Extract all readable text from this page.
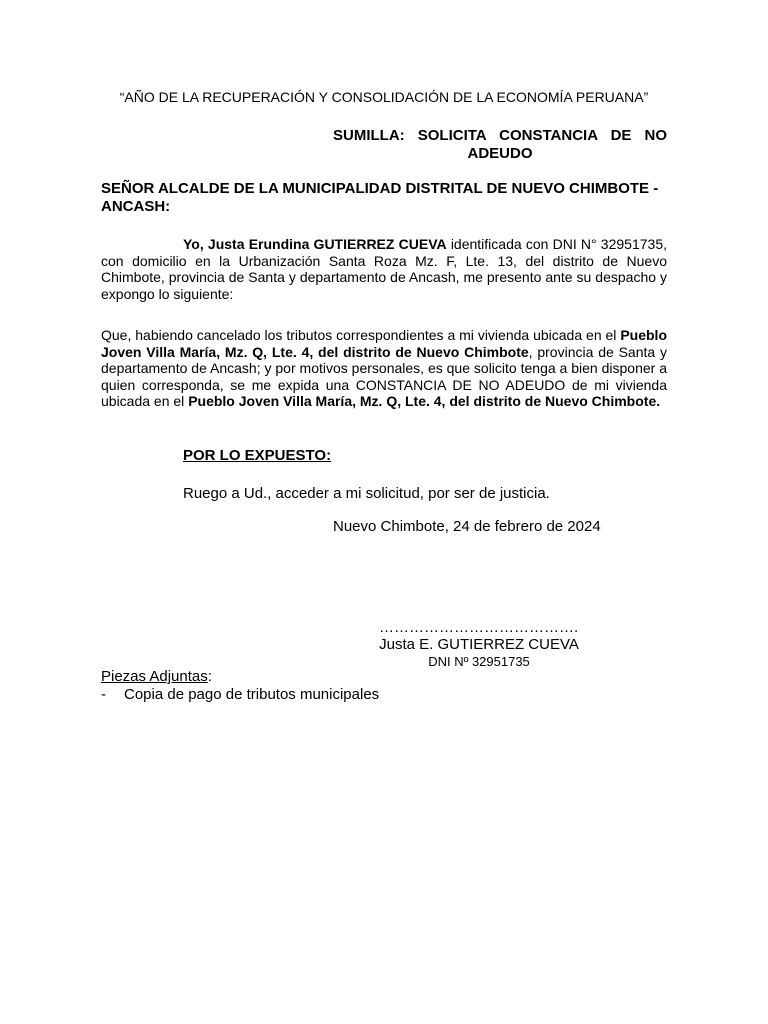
“AÑO DE LA RECUPERACIÓN Y CONSOLIDACIÓN DE LA ECONOMÍA PERUANA”
SUMILLA: SOLICITA CONSTANCIA DE NO
ADEUDO
SEÑOR ALCALDE DE LA MUNICIPALIDAD DISTRITAL DE NUEVO CHIMBOTE - ANCASH:
Yo, Justa Erundina GUTIERREZ CUEVA identificada con DNI N° 32951735, con domicilio en la Urbanización Santa Roza Mz. F, Lte. 13, del distrito de Nuevo Chimbote, provincia de Santa y departamento de Ancash, me presento ante su despacho y expongo lo siguiente:
Que, habiendo cancelado los tributos correspondientes a mi vivienda ubicada en el Pueblo Joven Villa María, Mz. Q, Lte. 4, del distrito de Nuevo Chimbote, provincia de Santa y departamento de Ancash; y por motivos personales, es que solicito tenga a bien disponer a quien corresponda, se me expida una CONSTANCIA DE NO ADEUDO de mi vivienda ubicada en el Pueblo Joven Villa María, Mz. Q, Lte. 4, del distrito de Nuevo Chimbote.
POR LO EXPUESTO:
Ruego a Ud., acceder a mi solicitud, por ser de justicia.
Nuevo Chimbote, 24 de febrero de 2024
………………………………….
Justa E. GUTIERREZ CUEVA
DNI Nº 32951735
Piezas Adjuntas:
- Copia de pago de tributos municipales
